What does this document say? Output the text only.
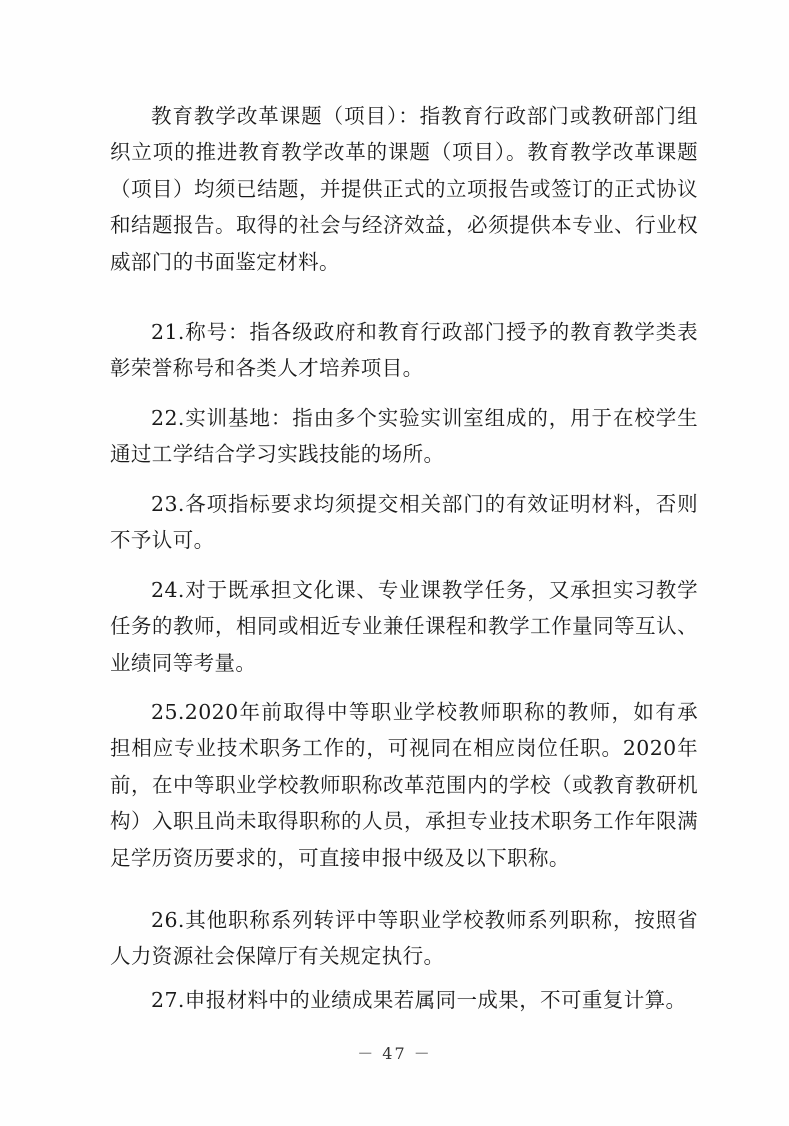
教育教学改革课题（项目）：指教育行政部门或教研部门组织立项的推进教育教学改革的课题（项目）。教育教学改革课题（项目）均须已结题，并提供正式的立项报告或签订的正式协议和结题报告。取得的社会与经济效益，必须提供本专业、行业权威部门的书面鉴定材料。

21.称号：指各级政府和教育行政部门授予的教育教学类表彰荣誉称号和各类人才培养项目。

22.实训基地：指由多个实验实训室组成的，用于在校学生通过工学结合学习实践技能的场所。

23.各项指标要求均须提交相关部门的有效证明材料，否则不予认可。

24.对于既承担文化课、专业课教学任务，又承担实习教学任务的教师，相同或相近专业兼任课程和教学工作量同等互认、业绩同等考量。

25.2020年前取得中等职业学校教师职称的教师，如有承担相应专业技术职务工作的，可视同在相应岗位任职。2020年前，在中等职业学校教师职称改革范围内的学校（或教育教研机构）入职且尚未取得职称的人员，承担专业技术职务工作年限满足学历资历要求的，可直接申报中级及以下职称。

26.其他职称系列转评中等职业学校教师系列职称，按照省人力资源社会保障厅有关规定执行。

27.申报材料中的业绩成果若属同一成果，不可重复计算。

－ 47 －
